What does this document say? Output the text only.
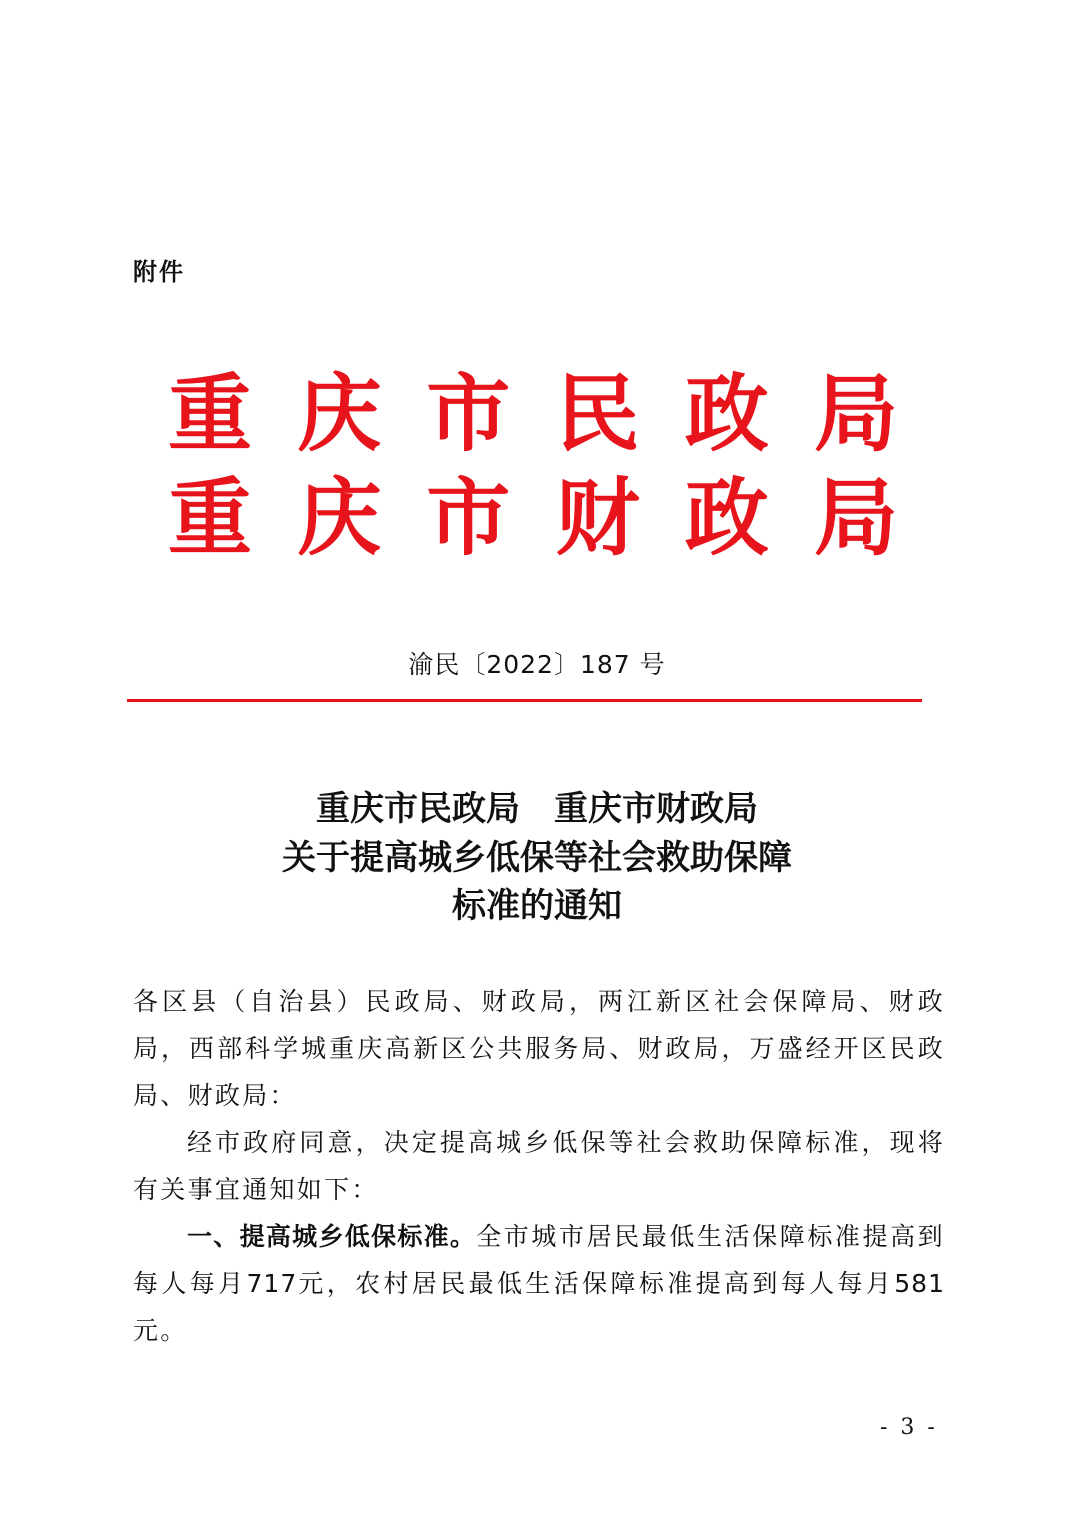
附件
重 庆 市 民 政 局
重 庆 市 财 政 局
渝民〔2022〕187 号
重庆市民政局　重庆市财政局
关于提高城乡低保等社会救助保障
标准的通知

各区县（自治县）民政局、财政局，两江新区社会保障局、财政局，西部科学城重庆高新区公共服务局、财政局，万盛经开区民政局、财政局：

经市政府同意，决定提高城乡低保等社会救助保障标准，现将有关事宜通知如下：

一、提高城乡低保标准。全市城市居民最低生活保障标准提高到每人每月717元，农村居民最低生活保障标准提高到每人每月581元。

- 3 -
